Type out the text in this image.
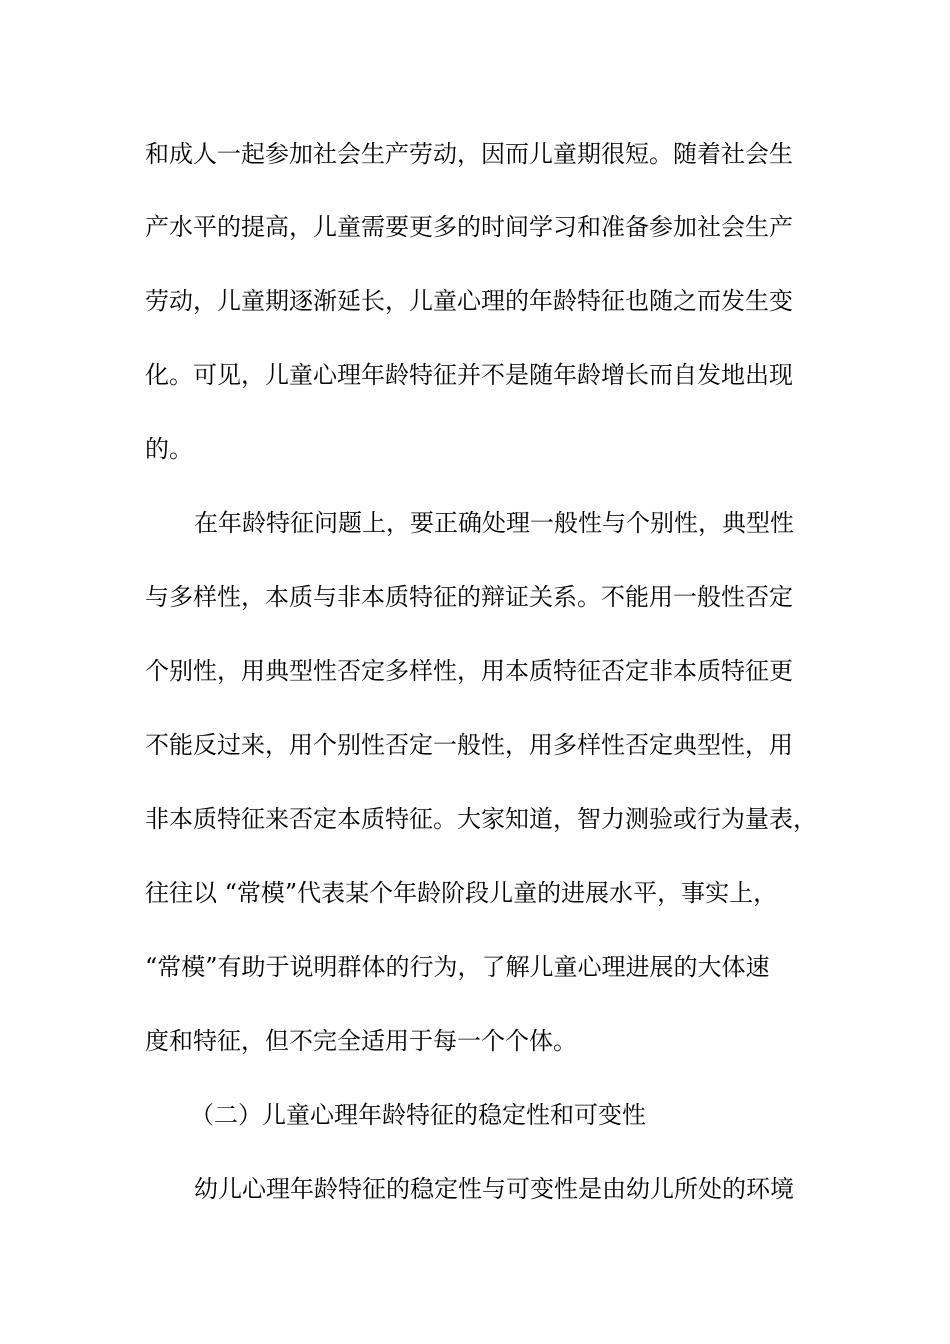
和成人一起参加社会生产劳动，因而儿童期很短。随着社会生
产水平的提高，儿童需要更多的时间学习和准备参加社会生产
劳动，儿童期逐渐延长，儿童心理的年龄特征也随之而发生变
化。可见，儿童心理年龄特征并不是随年龄增长而自发地出现
的。
在年龄特征问题上，要正确处理一般性与个别性，典型性
与多样性，本质与非本质特征的辩证关系。不能用一般性否定
个别性，用典型性否定多样性，用本质特征否定非本质特征更
不能反过来，用个别性否定一般性，用多样性否定典型性，用
非本质特征来否定本质特征。大家知道，智力测验或行为量表，
往往以 “常模”代表某个年龄阶段儿童的进展水平，事实上，
“常模”有助于说明群体的行为，了解儿童心理进展的大体速
度和特征，但不完全适用于每一个个体。
（二）儿童心理年龄特征的稳定性和可变性
幼儿心理年龄特征的稳定性与可变性是由幼儿所处的环境
